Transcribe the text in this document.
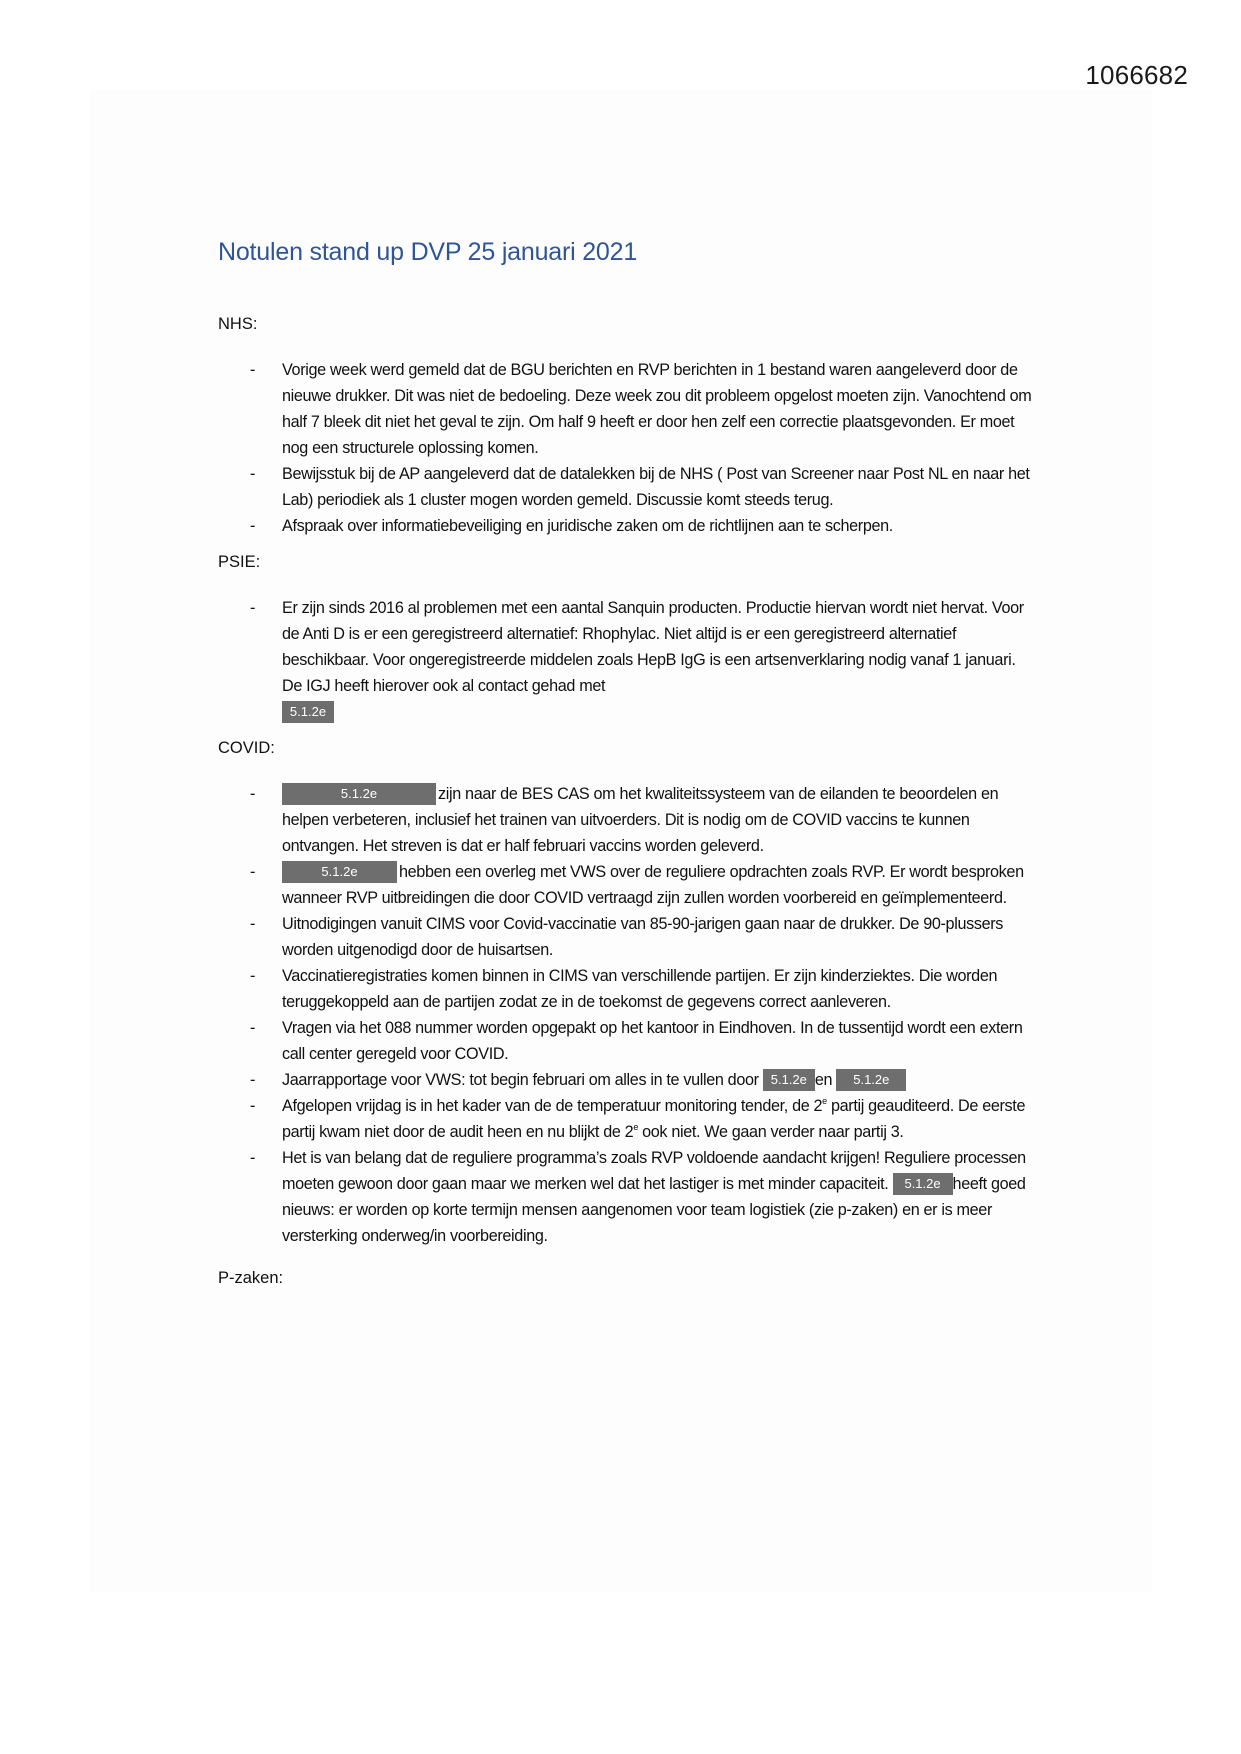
1066682
Notulen stand up DVP 25 januari 2021
NHS:
- Vorige week werd gemeld dat de BGU berichten en RVP berichten in 1 bestand waren aangeleverd door de nieuwe drukker. Dit was niet de bedoeling. Deze week zou dit probleem opgelost moeten zijn. Vanochtend om half 7 bleek dit niet het geval te zijn. Om half 9 heeft er door hen zelf een correctie plaatsgevonden. Er moet nog een structurele oplossing komen.
- Bewijsstuk bij de AP aangeleverd dat de datalekken bij de NHS ( Post van Screener naar Post NL en naar het Lab) periodiek als 1 cluster mogen worden gemeld. Discussie komt steeds terug.
- Afspraak over informatiebeveiliging en juridische zaken om de richtlijnen aan te scherpen.
PSIE:
- Er zijn sinds 2016 al problemen met een aantal Sanquin producten. Productie hiervan wordt niet hervat. Voor de Anti D is er een geregistreerd alternatief: Rhophylac. Niet altijd is er een geregistreerd alternatief beschikbaar. Voor ongeregistreerde middelen zoals HepB IgG is een artsenverklaring nodig vanaf 1 januari. De IGJ heeft hierover ook al contact gehad met
5.1.2e
COVID:
-	5.1.2e	zijn naar de BES CAS om het kwaliteitssysteem van de eilanden te beoordelen en helpen verbeteren, inclusief het trainen van uitvoerders. Dit is nodig om de COVID vaccins te kunnen ontvangen. Het streven is dat er half februari vaccins worden geleverd.
-	5.1.2e	hebben een overleg met VWS over de reguliere opdrachten zoals RVP. Er wordt besproken wanneer RVP uitbreidingen die door COVID vertraagd zijn zullen worden voorbereid en geïmplementeerd.
- Uitnodigingen vanuit CIMS voor Covid-vaccinatie van 85-90-jarigen gaan naar de drukker. De 90-plussers worden uitgenodigd door de huisartsen.
- Vaccinatieregistraties komen binnen in CIMS van verschillende partijen. Er zijn kinderziektes. Die worden teruggekoppeld aan de partijen zodat ze in de toekomst de gegevens correct aanleveren.
- Vragen via het 088 nummer worden opgepakt op het kantoor in Eindhoven. In de tussentijd wordt een extern call center geregeld voor COVID.
- Jaarrapportage voor VWS: tot begin februari om alles in te vullen door 5.1.2e en 5.1.2e
- Afgelopen vrijdag is in het kader van de de temperatuur monitoring tender, de 2e partij geauditeerd. De eerste partij kwam niet door de audit heen en nu blijkt de 2e ook niet. We gaan verder naar partij 3.
- Het is van belang dat de reguliere programma’s zoals RVP voldoende aandacht krijgen! Reguliere processen moeten gewoon door gaan maar we merken wel dat het lastiger is met minder capaciteit. 5.1.2e heeft goed nieuws: er worden op korte termijn mensen aangenomen voor team logistiek (zie p-zaken) en er is meer versterking onderweg/in voorbereiding.
P-zaken:
